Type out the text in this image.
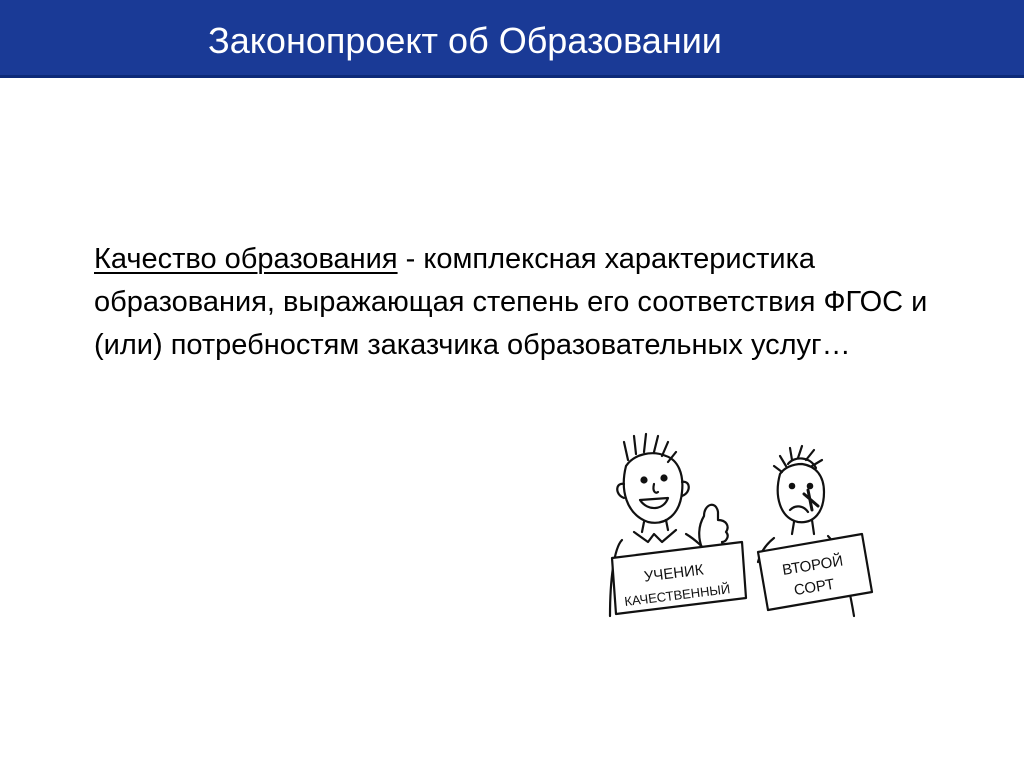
Законопроект об Образовании
Качество образования - комплексная характеристика образования, выражающая степень его соответствия ФГОС и (или) потребностям заказчика образовательных услуг…
УЧЕНИК
КАЧЕСТВЕННЫЙ
ВТОРОЙ
СОРТ
